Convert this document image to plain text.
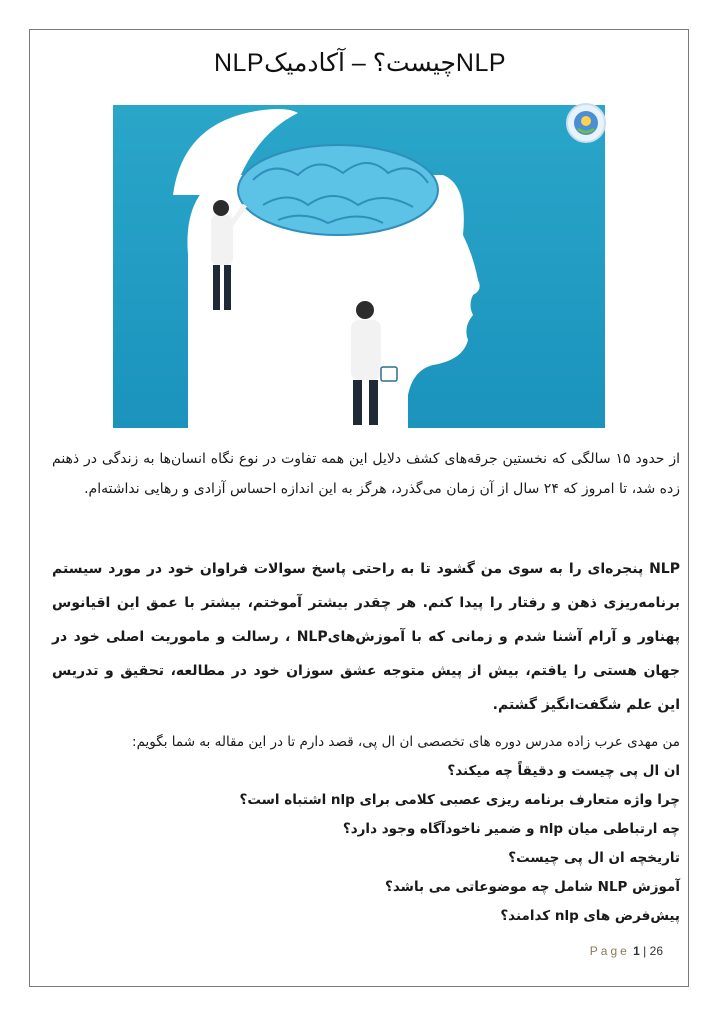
NLPچیست؟ – آکادمیکNLP
از حدود ۱۵ سالگی که نخستین جرقه‌های کشف دلایل این همه تفاوت در نوع نگاه انسان‌ها به زندگی در ذهنم زده شد، تا امروز که ۲۴ سال از آن زمان می‌گذرد، هرگز به این اندازه احساس آزادی و رهایی نداشته‌ام.
NLP پنجره‌ای را به سوی من گشود تا به راحتی پاسخ سوالات فراوان خود در مورد سیستم برنامه‌ریزی ذهن و رفتار را پیدا کنم. هر چقدر بیشتر آموختم، بیشتر با عمق این اقیانوس پهناور و آرام آشنا شدم و زمانی که با آموزش‌هایNLP ، رسالت و ماموریت اصلی خود در جهان هستی را یافتم، بیش از پیش متوجه عشق سوزان خود در مطالعه، تحقیق و تدریس این علم شگفت‌انگیز گشتم.
من مهدی عرب زاده مدرس دوره های تخصصی ان ال پی، قصد دارم تا در این مقاله به شما بگویم:
ان ال پی چیست و دقیقاً چه میکند؟
چرا واژه متعارف برنامه ریزی عصبی کلامی برای nlp اشتباه است؟
چه ارتباطی میان nlp و ضمیر ناخودآگاه وجود دارد؟
تاریخچه ان ال پی چیست؟
آموزش NLP شامل چه موضوعاتی می باشد؟
پیش‌فرض های nlp کدامند؟
Page 1 | 26
